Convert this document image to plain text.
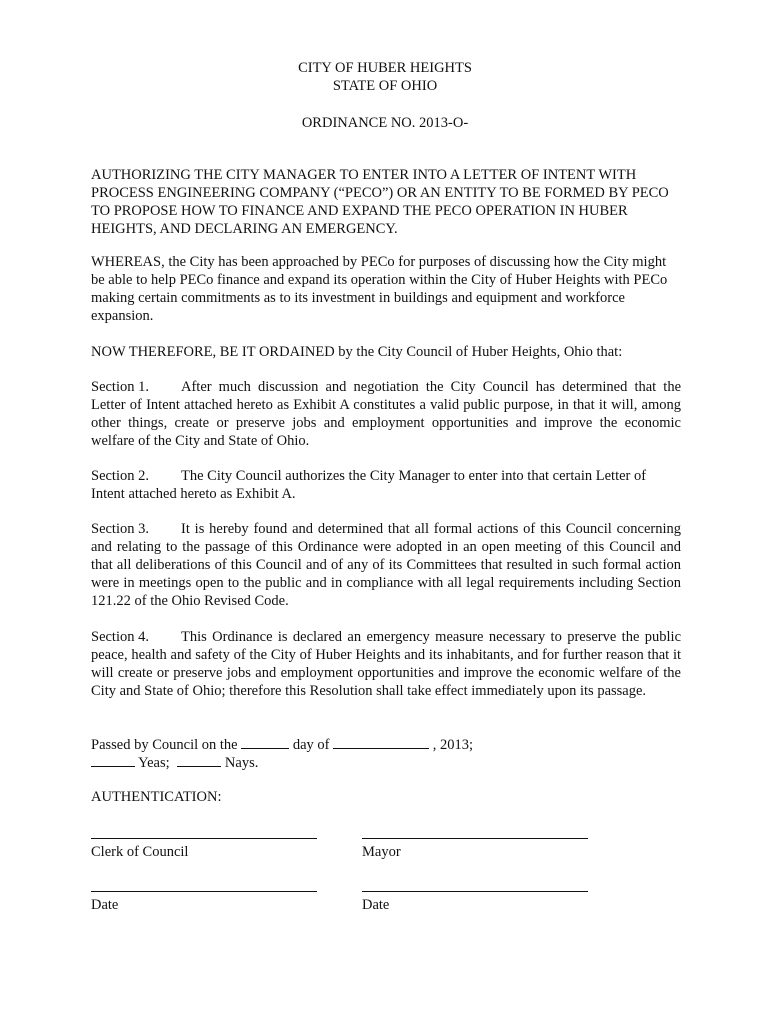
CITY OF HUBER HEIGHTS
STATE OF OHIO
ORDINANCE NO. 2013-O-
AUTHORIZING THE CITY MANAGER TO ENTER INTO A LETTER OF INTENT WITH PROCESS ENGINEERING COMPANY (“PECO”) OR AN ENTITY TO BE FORMED BY PECO TO PROPOSE HOW TO FINANCE AND EXPAND THE PECO OPERATION IN HUBER HEIGHTS, AND DECLARING AN EMERGENCY.
WHEREAS, the City has been approached by PECo for purposes of discussing how the City might be able to help PECo finance and expand its operation within the City of Huber Heights with PECo making certain commitments as to its investment in buildings and equipment and workforce expansion.
NOW THEREFORE, BE IT ORDAINED by the City Council of Huber Heights, Ohio that:
Section 1. After much discussion and negotiation the City Council has determined that the Letter of Intent attached hereto as Exhibit A constitutes a valid public purpose, in that it will, among other things, create or preserve jobs and employment opportunities and improve the economic welfare of the City and State of Ohio.
Section 2. The City Council authorizes the City Manager to enter into that certain Letter of Intent attached hereto as Exhibit A.
Section 3. It is hereby found and determined that all formal actions of this Council concerning and relating to the passage of this Ordinance were adopted in an open meeting of this Council and that all deliberations of this Council and of any of its Committees that resulted in such formal action were in meetings open to the public and in compliance with all legal requirements including Section 121.22 of the Ohio Revised Code.
Section 4. This Ordinance is declared an emergency measure necessary to preserve the public peace, health and safety of the City of Huber Heights and its inhabitants, and for further reason that it will create or preserve jobs and employment opportunities and improve the economic welfare of the City and State of Ohio; therefore this Resolution shall take effect immediately upon its passage.
Passed by Council on the	day of	, 2013;
Yeas;	Nays.
AUTHENTICATION:
Clerk of Council	Mayor
Date	Date
